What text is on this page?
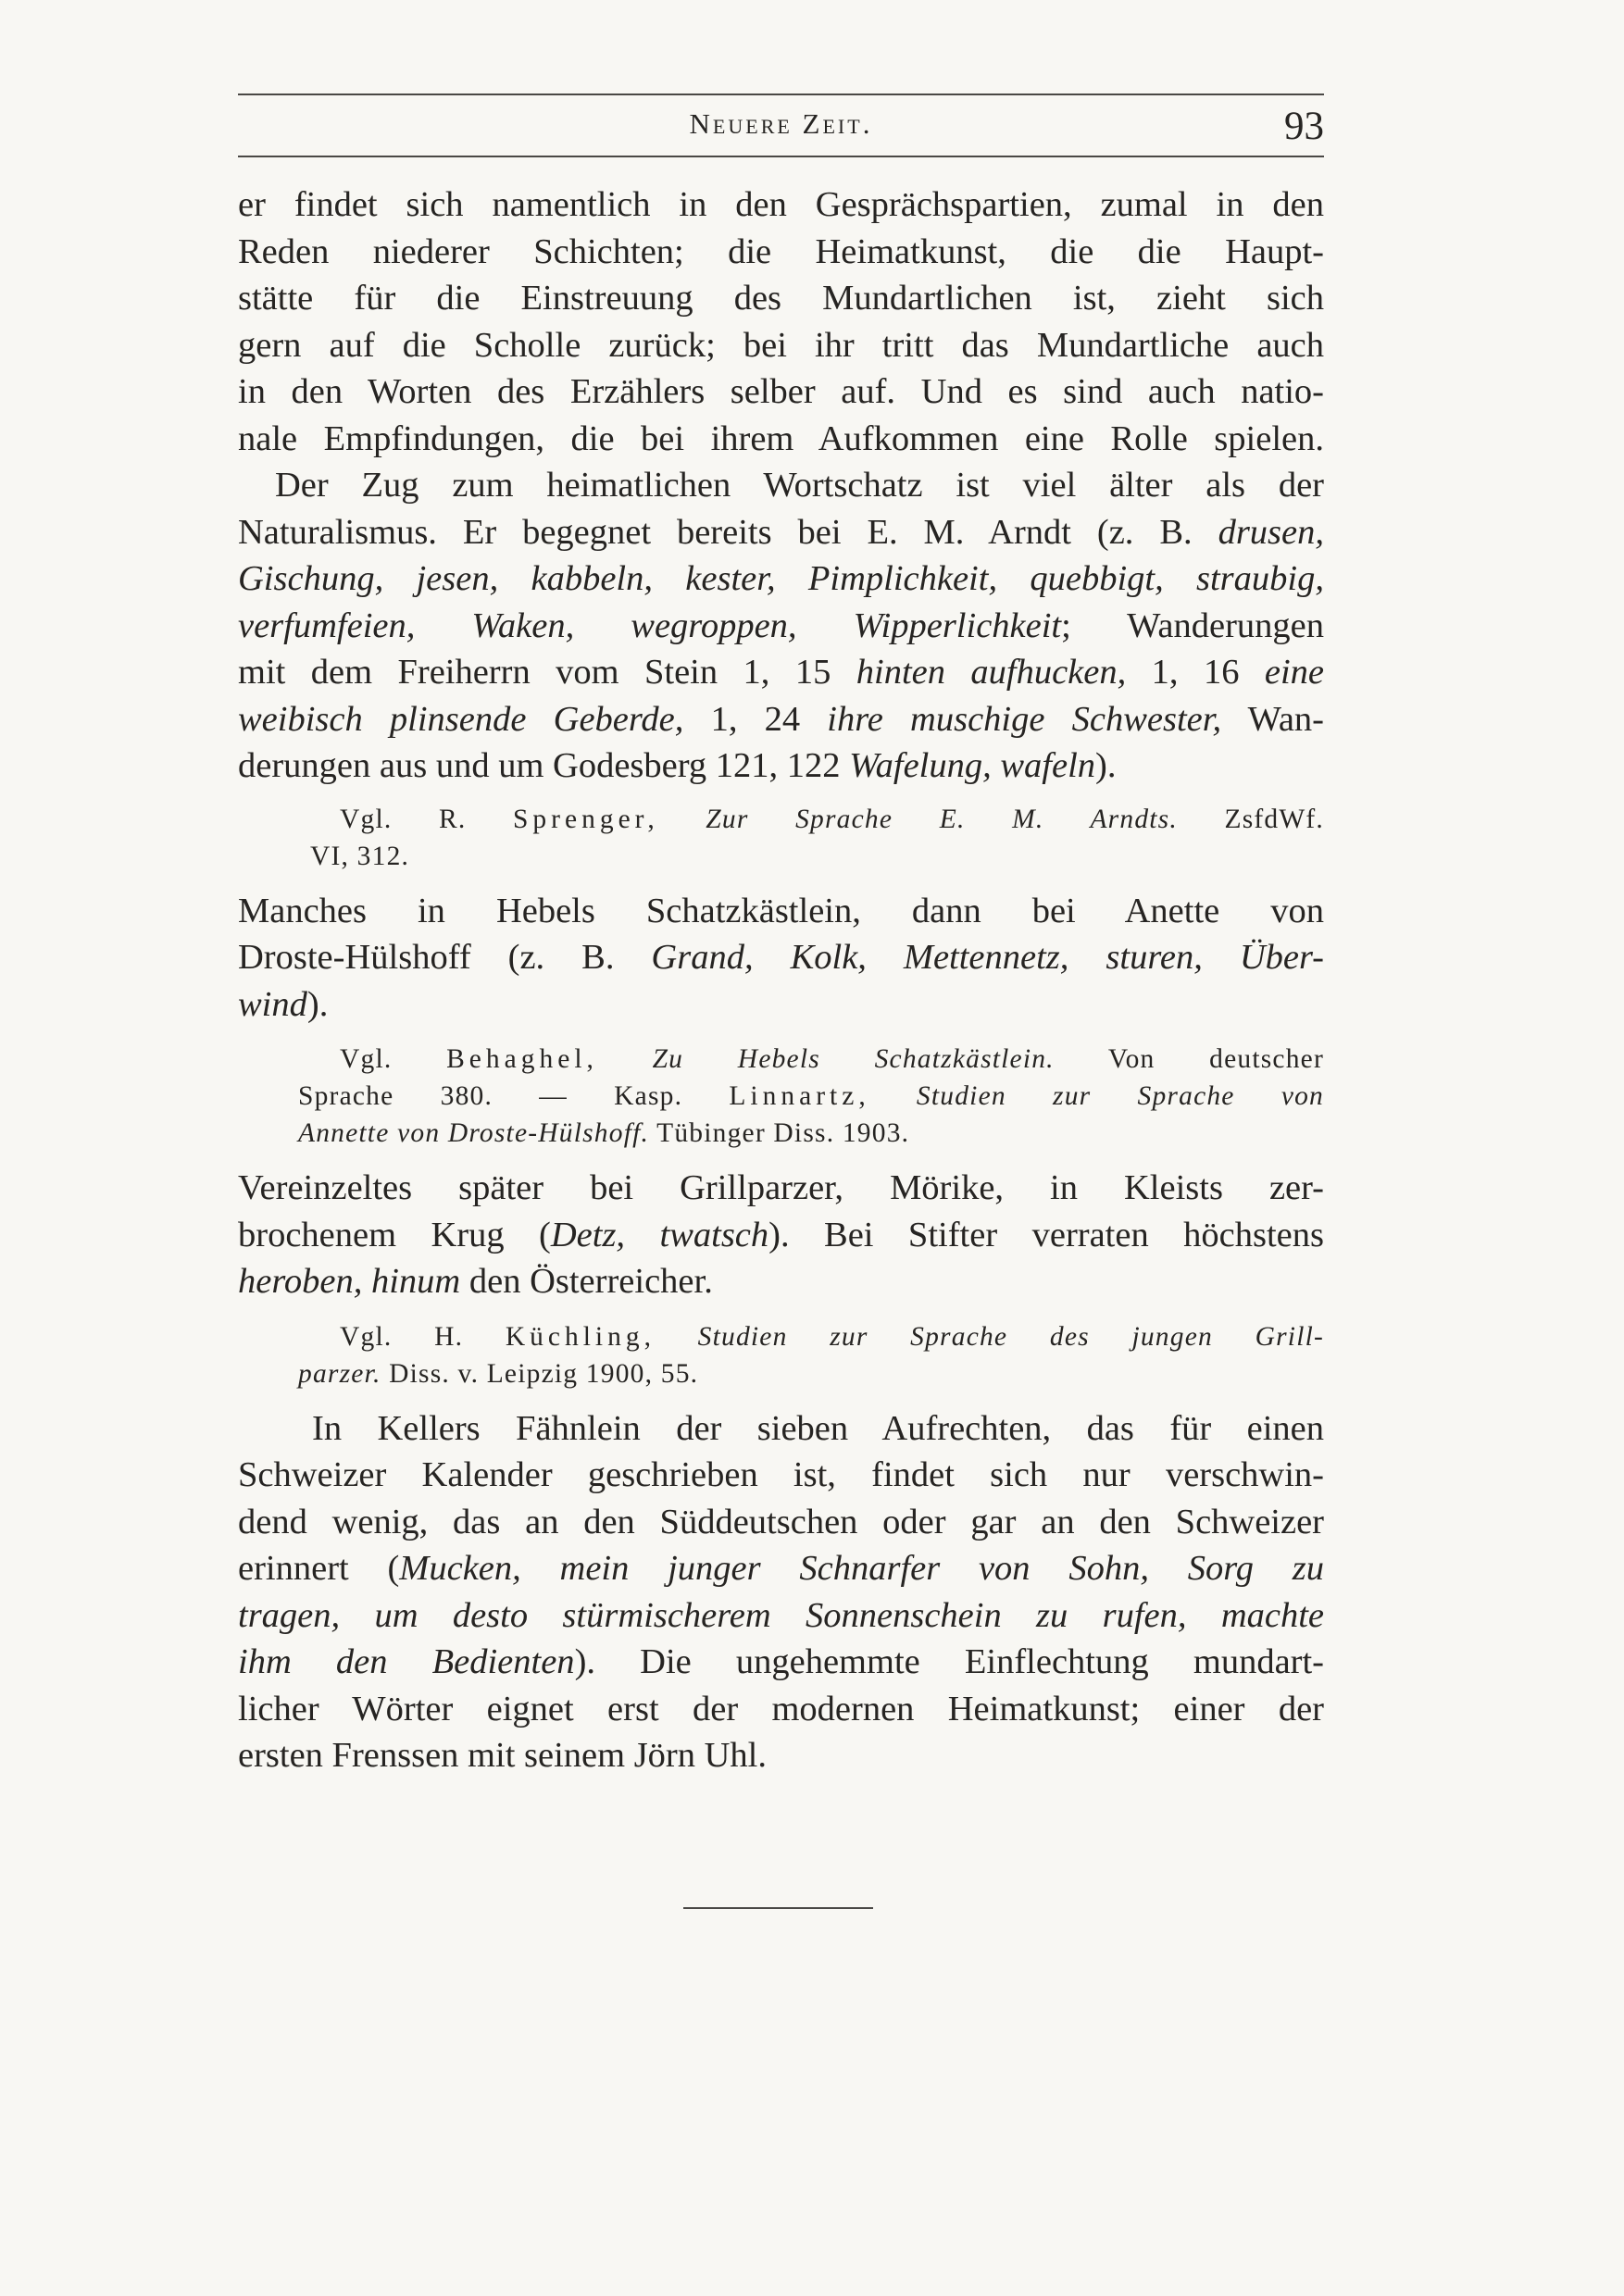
Neuere Zeit.	93
er findet sich namentlich in den Gesprächspartien, zumal in den
Reden niederer Schichten; die Heimatkunst, die die Haupt-
stätte für die Einstreuung des Mundartlichen ist, zieht sich
gern auf die Scholle zurück; bei ihr tritt das Mundartliche auch
in den Worten des Erzählers selber auf. Und es sind auch natio-
nale Empfindungen, die bei ihrem Aufkommen eine Rolle spielen.
Der Zug zum heimatlichen Wortschatz ist viel älter als der
Naturalismus. Er begegnet bereits bei E. M. Arndt (z. B. drusen,
Gischung, jesen, kabbeln, kester, Pimplichkeit, quebbigt, straubig,
verfumfeien, Waken, wegroppen, Wipperlichkeit; Wanderungen
mit dem Freiherrn vom Stein 1, 15 hinten aufhucken, 1, 16 eine
weibisch plinsende Geberde, 1, 24 ihre muschige Schwester, Wan-
derungen aus und um Godesberg 121, 122 Wafelung, wafeln).
Vgl. R. Sprenger, Zur Sprache E. M. Arndts. ZsfdWf.
VI, 312.
Manches in Hebels Schatzkästlein, dann bei Anette von
Droste-Hülshoff (z. B. Grand, Kolk, Mettennetz, sturen, Über-
wind).
Vgl. Behaghel, Zu Hebels Schatzkästlein. Von deutscher
Sprache 380. — Kasp. Linnartz, Studien zur Sprache von
Annette von Droste-Hülshoff. Tübinger Diss. 1903.
Vereinzeltes später bei Grillparzer, Mörike, in Kleists zer-
brochenem Krug (Detz, twatsch). Bei Stifter verraten höchstens
heroben, hinum den Österreicher.
Vgl. H. Küchling, Studien zur Sprache des jungen Grill-
parzer. Diss. v. Leipzig 1900, 55.
In Kellers Fähnlein der sieben Aufrechten, das für einen
Schweizer Kalender geschrieben ist, findet sich nur verschwin-
dend wenig, das an den Süddeutschen oder gar an den Schweizer
erinnert (Mucken, mein junger Schnarfer von Sohn, Sorg zu
tragen, um desto stürmischerem Sonnenschein zu rufen, machte
ihm den Bedienten). Die ungehemmte Einflechtung mundart-
licher Wörter eignet erst der modernen Heimatkunst; einer der
ersten Frenssen mit seinem Jörn Uhl.
